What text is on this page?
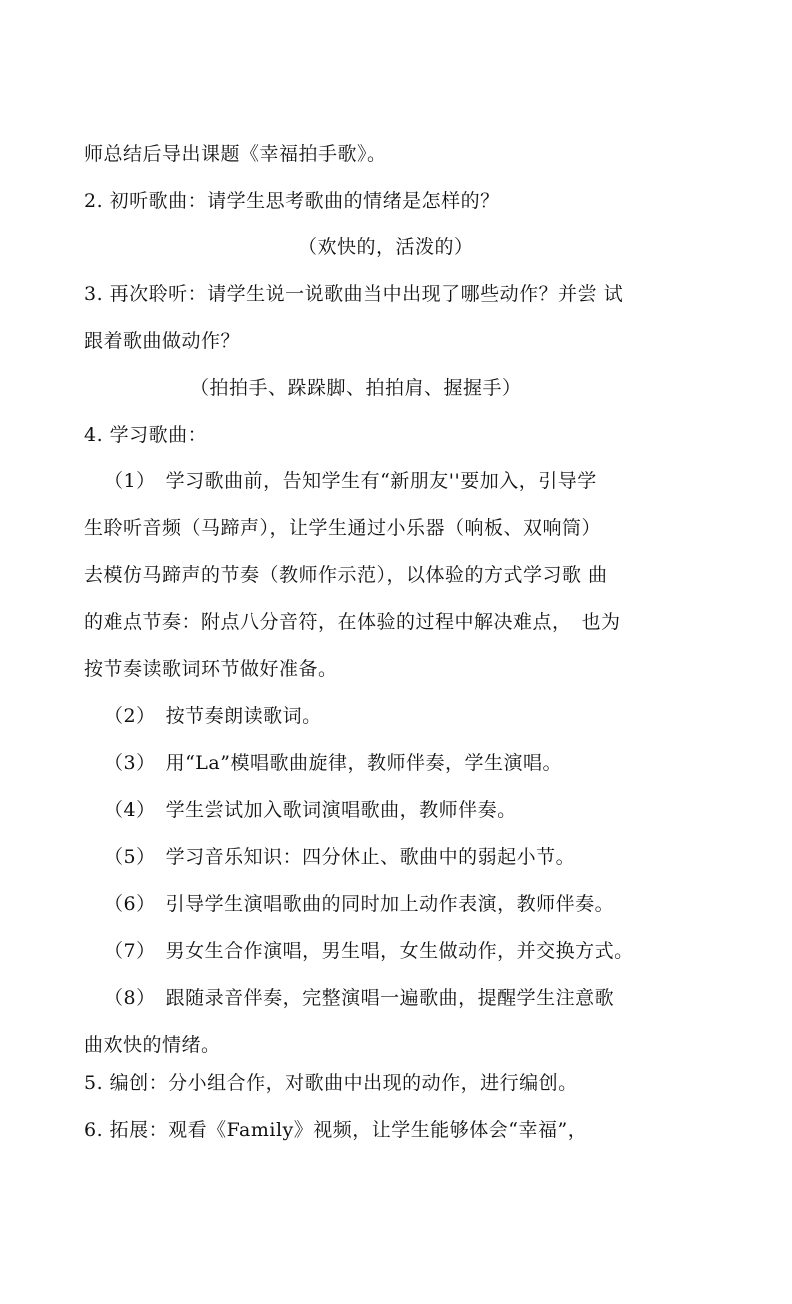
师总结后导出课题《幸福拍手歌》。
2. 初听歌曲：请学生思考歌曲的情绪是怎样的？
（欢快的，活泼的）
3. 再次聆听：请学生说一说歌曲当中出现了哪些动作？并尝 试
跟着歌曲做动作？
（拍拍手、跺跺脚、拍拍肩、握握手）
4. 学习歌曲：
（1）　学习歌曲前，告知学生有“新朋友''要加入，引导学
生聆听音频（马蹄声），让学生通过小乐器（响板、双响筒）
去模仿马蹄声的节奏（教师作示范），以体验的方式学习歌 曲
的难点节奏：附点八分音符，在体验的过程中解决难点，　也为
按节奏读歌词环节做好准备。
（2）　按节奏朗读歌词。
（3）　用“La”模唱歌曲旋律，教师伴奏，学生演唱。
（4）　学生尝试加入歌词演唱歌曲，教师伴奏。
（5）　学习音乐知识：四分休止、歌曲中的弱起小节。
（6）　引导学生演唱歌曲的同时加上动作表演，教师伴奏。
（7）　男女生合作演唱，男生唱，女生做动作，并交换方式。
（8）　跟随录音伴奏，完整演唱一遍歌曲，提醒学生注意歌
曲欢快的情绪。
5. 编创：分小组合作，对歌曲中出现的动作，进行编创。
6. 拓展：观看《Family》视频，让学生能够体会“幸福”，
